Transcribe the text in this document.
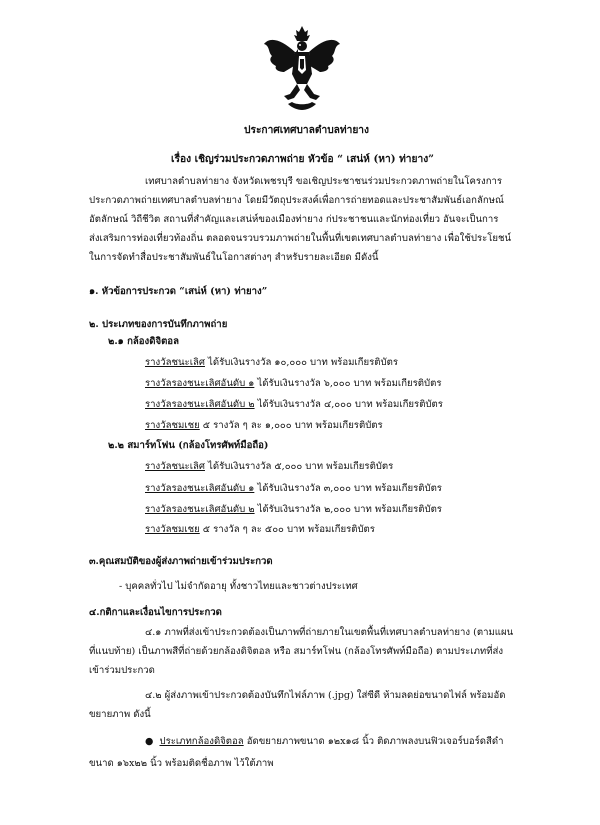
ประกาศเทศบาลตำบลท่ายาง
เรื่อง เชิญร่วมประกวดภาพถ่าย หัวข้อ “ เสน่ห์ (หา) ท่ายาง”
เทศบาลตำบลท่ายาง จังหวัดเพชรบุรี ขอเชิญประชาชนร่วมประกวดภาพถ่ายในโครงการ
ประกวดภาพถ่ายเทศบาลตำบลท่ายาง โดยมีวัตถุประสงค์เพื่อการถ่ายทอดและประชาสัมพันธ์เอกลักษณ์
อัตลักษณ์ วิถีชีวิต สถานที่สำคัญและเสน่ห์ของเมืองท่ายาง ก่ประชาชนและนักท่องเที่ยว อันจะเป็นการ
ส่งเสริมการท่องเที่ยวท้องถิ่น ตลอดจนรวบรวมภาพถ่ายในพื้นที่เขตเทศบาลตำบลท่ายาง เพื่อใช้ประโยชน์
ในการจัดทำสื่อประชาสัมพันธ์ในโอกาสต่างๆ สำหรับรายละเอียด มีดังนี้
๑. หัวข้อการประกวด “เสน่ห์ (หา) ท่ายาง”
๒. ประเภทของการบันทึกภาพถ่าย
๒.๑ กล้องดิจิตอล
รางวัลชนะเลิศ ได้รับเงินรางวัล ๑๐,๐๐๐ บาท พร้อมเกียรติบัตร
รางวัลรองชนะเลิศอันดับ ๑ ได้รับเงินรางวัล ๖,๐๐๐ บาท พร้อมเกียรติบัตร
รางวัลรองชนะเลิศอันดับ ๒ ได้รับเงินรางวัล ๔,๐๐๐ บาท พร้อมเกียรติบัตร
รางวัลชมเชย ๕ รางวัล ๆ ละ ๑,๐๐๐ บาท พร้อมเกียรติบัตร
๒.๒ สมาร์ทโฟน (กล้องโทรศัพท์มือถือ)
รางวัลชนะเลิศ ได้รับเงินรางวัล ๕,๐๐๐ บาท พร้อมเกียรติบัตร
รางวัลรองชนะเลิศอันดับ ๑ ได้รับเงินรางวัล ๓,๐๐๐ บาท พร้อมเกียรติบัตร
รางวัลรองชนะเลิศอันดับ ๒ ได้รับเงินรางวัล ๒,๐๐๐ บาท พร้อมเกียรติบัตร
รางวัลชมเชย ๕ รางวัล ๆ ละ ๕๐๐ บาท พร้อมเกียรติบัตร
๓.คุณสมบัติของผู้ส่งภาพถ่ายเข้าร่วมประกวด
- บุคคลทั่วไป ไม่จำกัดอายุ ทั้งชาวไทยและชาวต่างประเทศ
๔.กติกาและเงื่อนไขการประกวด
๔.๑ ภาพที่ส่งเข้าประกวดต้องเป็นภาพที่ถ่ายภายในเขตพื้นที่เทศบาลตำบลท่ายาง (ตามแผน
ที่แนบท้าย) เป็นภาพสีที่ถ่ายด้วยกล้องดิจิตอล หรือ สมาร์ทโฟน (กล้องโทรศัพท์มือถือ) ตามประเภทที่ส่ง
เข้าร่วมประกวด
๔.๒ ผู้ส่งภาพเข้าประกวดต้องบันทึกไฟล์ภาพ (.jpg) ใส่ซีดี ห้ามลดย่อขนาดไฟล์ พร้อมอัด
ขยายภาพ ดังนี้
● ประเภทกล้องดิจิตอล อัดขยายภาพขนาด ๑๒x๑๘ นิ้ว ติดภาพลงบนฟิวเจอร์บอร์ดสีดำ
ขนาด ๑๖x๒๒ นิ้ว พร้อมติดชื่อภาพ ไว้ใต้ภาพ
